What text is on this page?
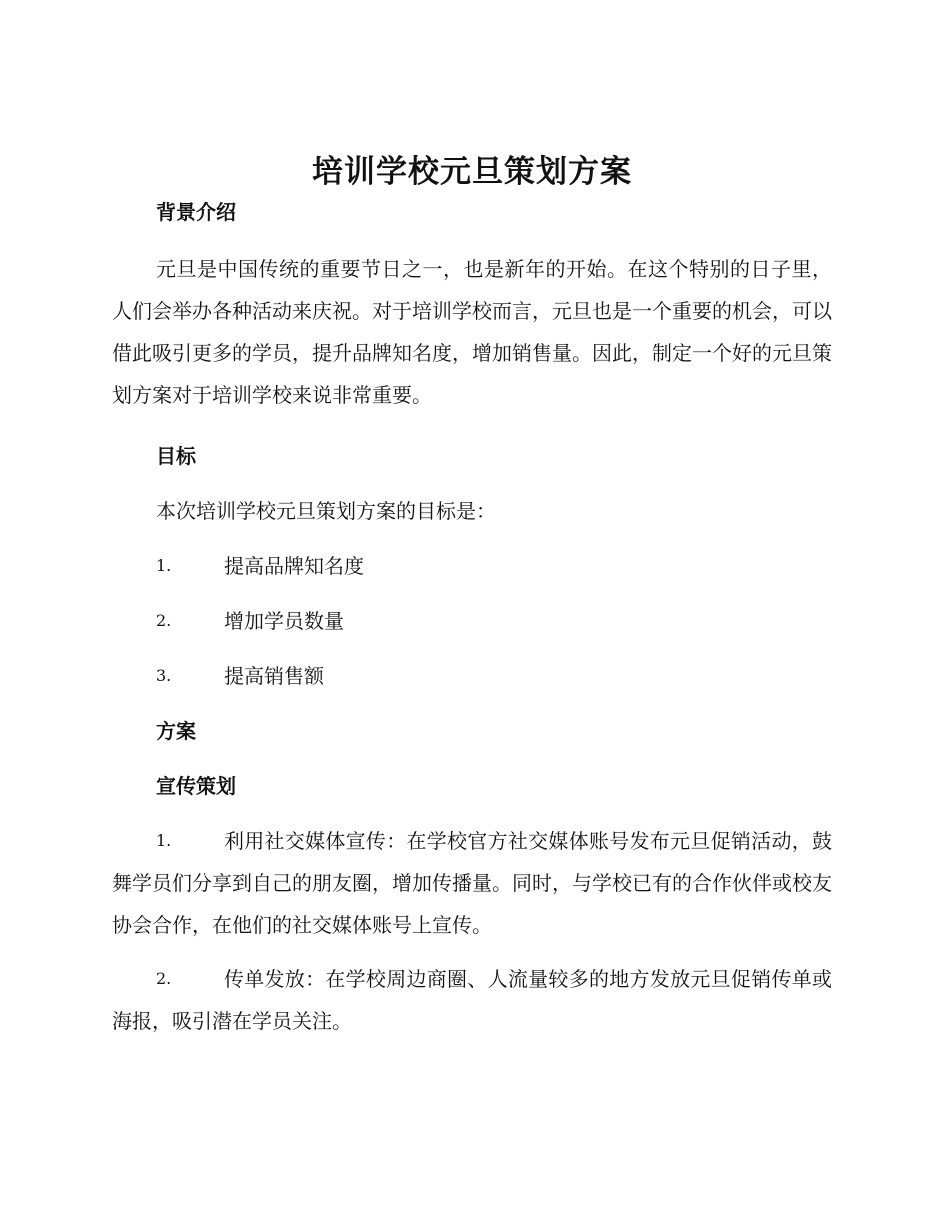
培训学校元旦策划方案
背景介绍

元旦是中国传统的重要节日之一，也是新年的开始。在这个特别的日子里，人们会举办各种活动来庆祝。对于培训学校而言，元旦也是一个重要的机会，可以借此吸引更多的学员，提升品牌知名度，增加销售量。因此，制定一个好的元旦策划方案对于培训学校来说非常重要。

目标

本次培训学校元旦策划方案的目标是：

1.	提高品牌知名度
2.	增加学员数量
3.	提高销售额
方案
宣传策划

1.	利用社交媒体宣传：在学校官方社交媒体账号发布元旦促销活动，鼓舞学员们分享到自己的朋友圈，增加传播量。同时，与学校已有的合作伙伴或校友协会合作，在他们的社交媒体账号上宣传。

2.	传单发放：在学校周边商圈、人流量较多的地方发放元旦促销传单或海报，吸引潜在学员关注。
